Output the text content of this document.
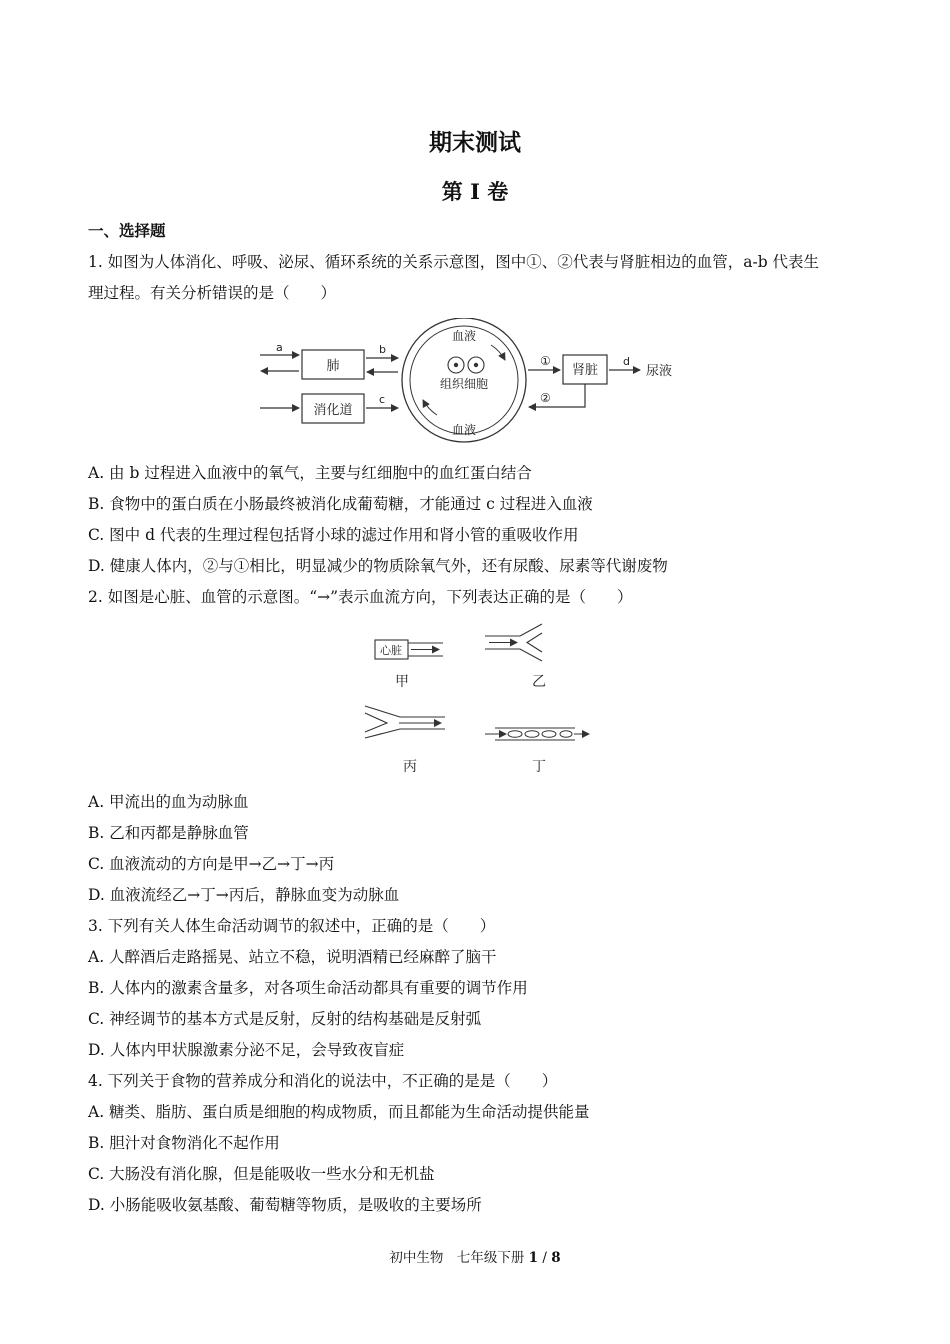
期末测试
第 I 卷
一、选择题
1. 如图为人体消化、呼吸、泌尿、循环系统的关系示意图，图中①、②代表与肾脏相边的血管，a-b 代表生
理过程。有关分析错误的是（　　）
a
肺
b
消化道
c
血液
血液
组织细胞
①
肾脏
②
d
尿液
A. 由 b 过程进入血液中的氧气，主要与红细胞中的血红蛋白结合
B. 食物中的蛋白质在小肠最终被消化成葡萄糖，才能通过 c 过程进入血液
C. 图中 d 代表的生理过程包括肾小球的滤过作用和肾小管的重吸收作用
D. 健康人体内，②与①相比，明显减少的物质除氧气外，还有尿酸、尿素等代谢废物
2. 如图是心脏、血管的示意图。“→”表示血流方向，下列表达正确的是（　　）
心脏
甲	乙
丙	丁
A. 甲流出的血为动脉血
B. 乙和丙都是静脉血管
C. 血液流动的方向是甲→乙→丁→丙
D. 血液流经乙→丁→丙后，静脉血变为动脉血
3. 下列有关人体生命活动调节的叙述中，正确的是（　　）
A. 人醉酒后走路摇晃、站立不稳，说明酒精已经麻醉了脑干
B. 人体内的激素含量多，对各项生命活动都具有重要的调节作用
C. 神经调节的基本方式是反射，反射的结构基础是反射弧
D. 人体内甲状腺激素分泌不足，会导致夜盲症
4. 下列关于食物的营养成分和消化的说法中，不正确的是是（　　）
A. 糖类、脂肪、蛋白质是细胞的构成物质，而且都能为生命活动提供能量
B. 胆汁对食物消化不起作用
C. 大肠没有消化腺，但是能吸收一些水分和无机盐
D. 小肠能吸收氨基酸、葡萄糖等物质，是吸收的主要场所
初中生物　七年级下册 1 / 8
